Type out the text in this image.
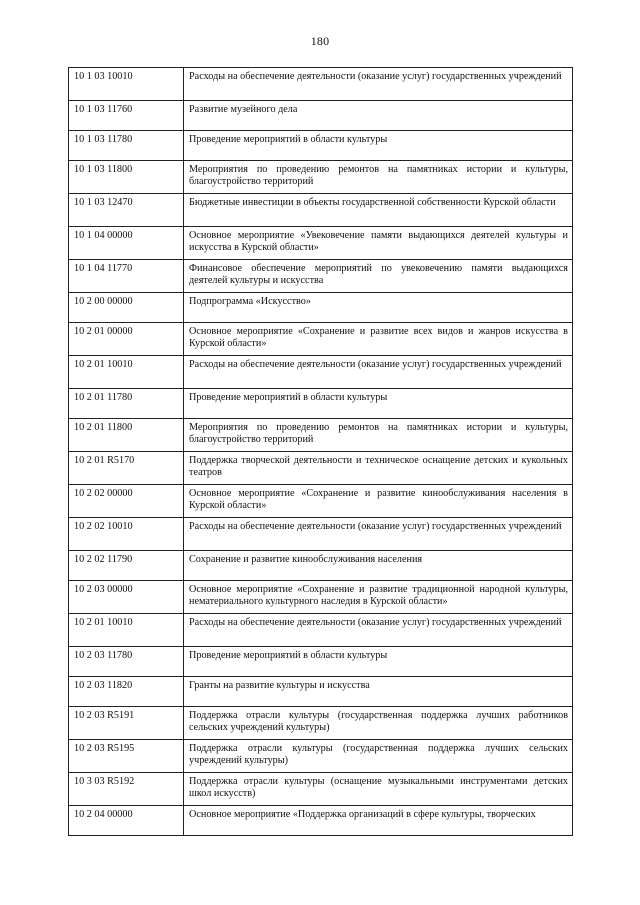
180
10 1 03 10010	Расходы на обеспечение деятельности (оказание услуг) государственных учреждений
10 1 03 11760	Развитие музейного дела
10 1 03 11780	Проведение мероприятий в области культуры
10 1 03 11800	Мероприятия по проведению ремонтов на памятниках истории и культуры, благоустройство территорий
10 1 03 12470	Бюджетные инвестиции в объекты государственной собственности Курской области
10 1 04 00000	Основное мероприятие «Увековечение памяти выдающихся деятелей культуры и искусства в Курской области»
10 1 04 11770	Финансовое обеспечение мероприятий по увековечению памяти выдающихся деятелей культуры и искусства
10 2 00 00000	Подпрограмма «Искусство»
10 2 01 00000	Основное мероприятие «Сохранение и развитие всех видов и жанров искусства в Курской области»
10 2 01 10010	Расходы на обеспечение деятельности (оказание услуг) государственных учреждений
10 2 01 11780	Проведение мероприятий в области культуры
10 2 01 11800	Мероприятия по проведению ремонтов на памятниках истории и культуры, благоустройство территорий
10 2 01 R5170	Поддержка творческой деятельности и техническое оснащение детских и кукольных театров
10 2 02 00000	Основное мероприятие «Сохранение и развитие кинообслуживания населения в Курской области»
10 2 02 10010	Расходы на обеспечение деятельности (оказание услуг) государственных учреждений
10 2 02 11790	Сохранение и развитие кинообслуживания населения
10 2 03 00000	Основное мероприятие «Сохранение и развитие традиционной народной культуры, нематериального культурного наследия в Курской области»
10 2 01 10010	Расходы на обеспечение деятельности (оказание услуг) государственных учреждений
10 2 03 11780	Проведение мероприятий в области культуры
10 2 03 11820	Гранты на развитие культуры и искусства
10 2 03 R5191	Поддержка отрасли культуры (государственная поддержка лучших работников сельских учреждений культуры)
10 2 03 R5195	Поддержка отрасли культуры (государственная поддержка лучших сельских учреждений культуры)
10 3 03 R5192	Поддержка отрасли культуры (оснащение музыкальными инструментами детских школ искусств)
10 2 04 00000	Основное мероприятие «Поддержка организаций в сфере культуры, творческих
